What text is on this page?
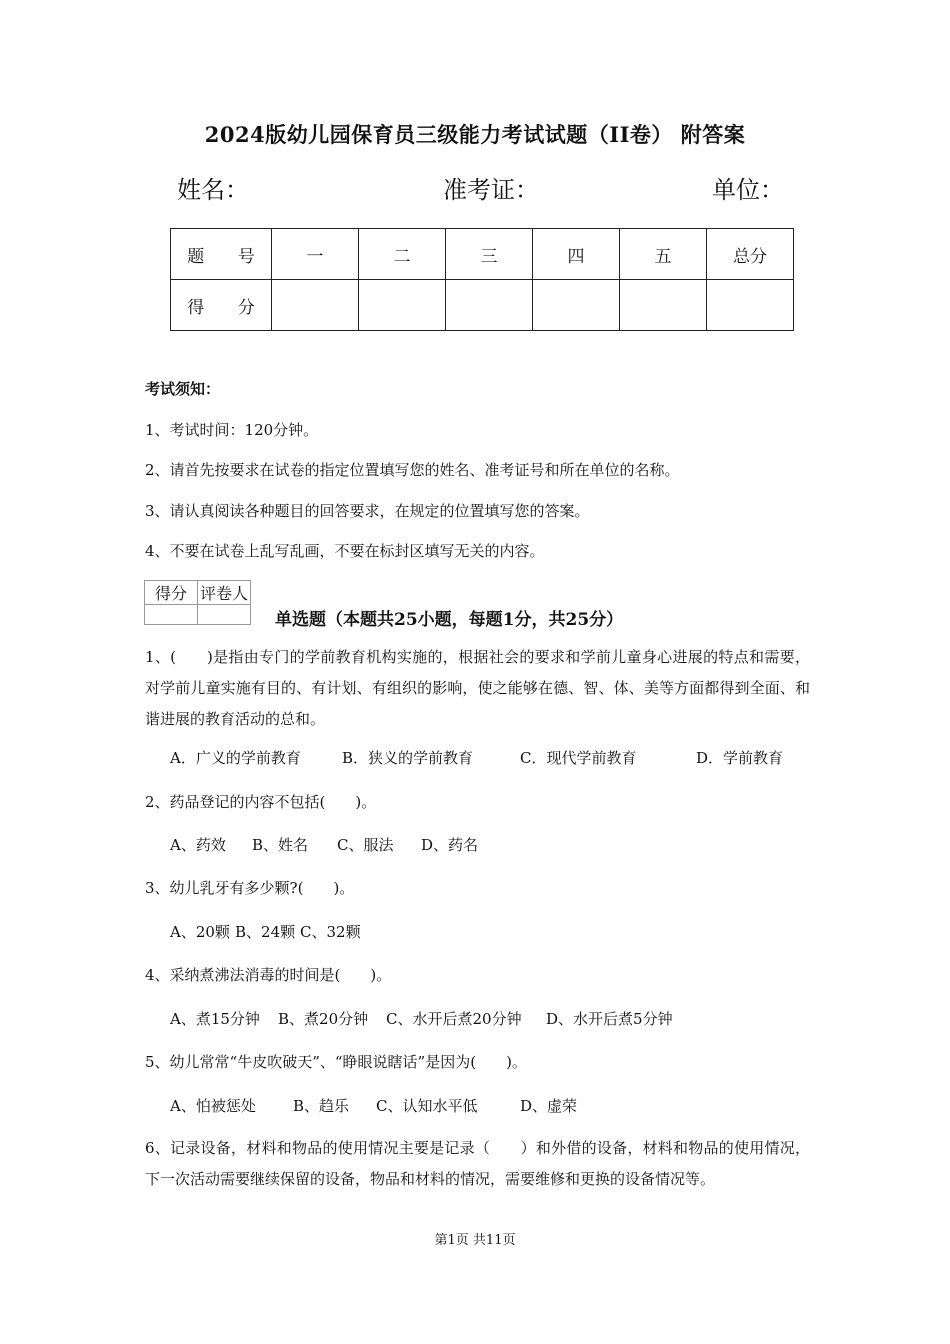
2024版幼儿园保育员三级能力考试试题（II卷） 附答案
姓名：	准考证：	单位：
题 号	一	二	三	四	五	总分
得 分						
考试须知：
1、考试时间：120分钟。
2、请首先按要求在试卷的指定位置填写您的姓名、准考证号和所在单位的名称。
3、请认真阅读各种题目的回答要求，在规定的位置填写您的答案。
4、不要在试卷上乱写乱画，不要在标封区填写无关的内容。
得分	评卷人

单选题（本题共25小题，每题1分，共25分）
1、(　　)是指由专门的学前教育机构实施的，根据社会的要求和学前儿童身心进展的特点和需要，对学前儿童实施有目的、有计划、有组织的影响，使之能够在德、智、体、美等方面都得到全面、和谐进展的教育活动的总和。
A．广义的学前教育	B．狭义的学前教育	C．现代学前教育	D．学前教育
2、药品登记的内容不包括(　　)。
A、药效 B、姓名 C、服法 D、药名
3、幼儿乳牙有多少颗?(　　)。
A、20颗 B、24颗 C、32颗
4、采纳煮沸法消毒的时间是(　　)。
A、煮15分钟 B、煮20分钟 C、水开后煮20分钟 D、水开后煮5分钟
5、幼儿常常“牛皮吹破天”、“睁眼说瞎话”是因为(　　)。
A、怕被惩处 B、趋乐 C、认知水平低	D、虚荣
6、记录设备，材料和物品的使用情况主要是记录（　　）和外借的设备，材料和物品的使用情况，下一次活动需要继续保留的设备，物品和材料的情况，需要维修和更换的设备情况等。
第1页 共11页
